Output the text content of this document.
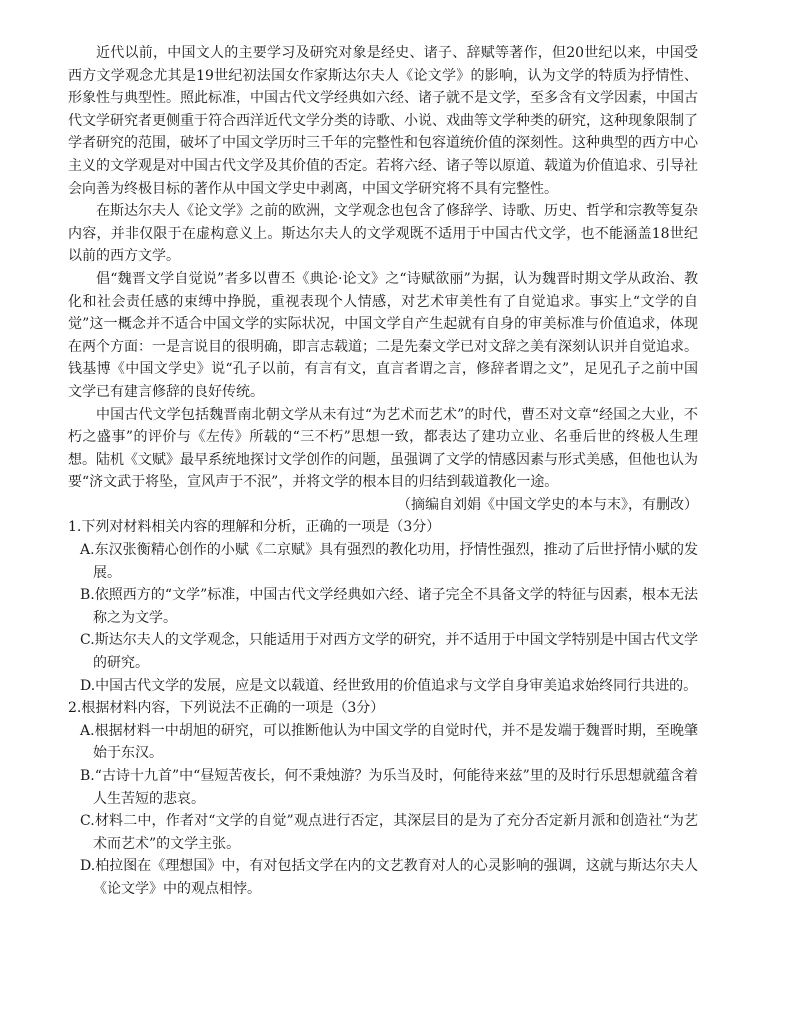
近代以前，中国文人的主要学习及研究对象是经史、诸子、辞赋等著作，但20世纪以来，中国受西方文学观念尤其是19世纪初法国女作家斯达尔夫人《论文学》的影响，认为文学的特质为抒情性、形象性与典型性。照此标准，中国古代文学经典如六经、诸子就不是文学，至多含有文学因素，中国古代文学研究者更侧重于符合西洋近代文学分类的诗歌、小说、戏曲等文学种类的研究，这种现象限制了学者研究的范围，破坏了中国文学历时三千年的完整性和包容道统价值的深刻性。这种典型的西方中心主义的文学观是对中国古代文学及其价值的否定。若将六经、诸子等以原道、载道为价值追求、引导社会向善为终极目标的著作从中国文学史中剥离，中国文学研究将不具有完整性。

在斯达尔夫人《论文学》之前的欧洲，文学观念也包含了修辞学、诗歌、历史、哲学和宗教等复杂内容，并非仅限于在虚构意义上。斯达尔夫人的文学观既不适用于中国古代文学，也不能涵盖18世纪以前的西方文学。

倡“魏晋文学自觉说”者多以曹丕《典论·论文》之“诗赋欲丽”为据，认为魏晋时期文学从政治、教化和社会责任感的束缚中挣脱，重视表现个人情感，对艺术审美性有了自觉追求。事实上“文学的自觉”这一概念并不适合中国文学的实际状况，中国文学自产生起就有自身的审美标准与价值追求，体现在两个方面：一是言说目的很明确，即言志载道；二是先秦文学已对文辞之美有深刻认识并自觉追求。钱基博《中国文学史》说“孔子以前，有言有文，直言者谓之言，修辞者谓之文”，足见孔子之前中国文学已有建言修辞的良好传统。

中国古代文学包括魏晋南北朝文学从未有过“为艺术而艺术”的时代，曹丕对文章“经国之大业，不朽之盛事”的评价与《左传》所载的“三不朽”思想一致，都表达了建功立业、名垂后世的终极人生理想。陆机《文赋》最早系统地探讨文学创作的问题，虽强调了文学的情感因素与形式美感，但他也认为要“济文武于将坠，宣风声于不泯”，并将文学的根本目的归结到载道教化一途。

（摘编自刘娟《中国文学史的本与末》，有删改）

1.下列对材料相关内容的理解和分析，正确的一项是（3分）

A.东汉张衡精心创作的小赋《二京赋》具有强烈的教化功用，抒情性强烈，推动了后世抒情小赋的发展。

B.依照西方的“文学”标准，中国古代文学经典如六经、诸子完全不具备文学的特征与因素，根本无法称之为文学。

C.斯达尔夫人的文学观念，只能适用于对西方文学的研究，并不适用于中国文学特别是中国古代文学的研究。

D.中国古代文学的发展，应是文以载道、经世致用的价值追求与文学自身审美追求始终同行共进的。

2.根据材料内容，下列说法不正确的一项是（3分）

A.根据材料一中胡旭的研究，可以推断他认为中国文学的自觉时代，并不是发端于魏晋时期，至晚肇始于东汉。

B.“古诗十九首”中“昼短苦夜长，何不秉烛游？为乐当及时，何能待来兹”里的及时行乐思想就蕴含着人生苦短的悲哀。

C.材料二中，作者对“文学的自觉”观点进行否定，其深层目的是为了充分否定新月派和创造社“为艺术而艺术”的文学主张。

D.柏拉图在《理想国》中，有对包括文学在内的文艺教育对人的心灵影响的强调，这就与斯达尔夫人《论文学》中的观点相悖。
